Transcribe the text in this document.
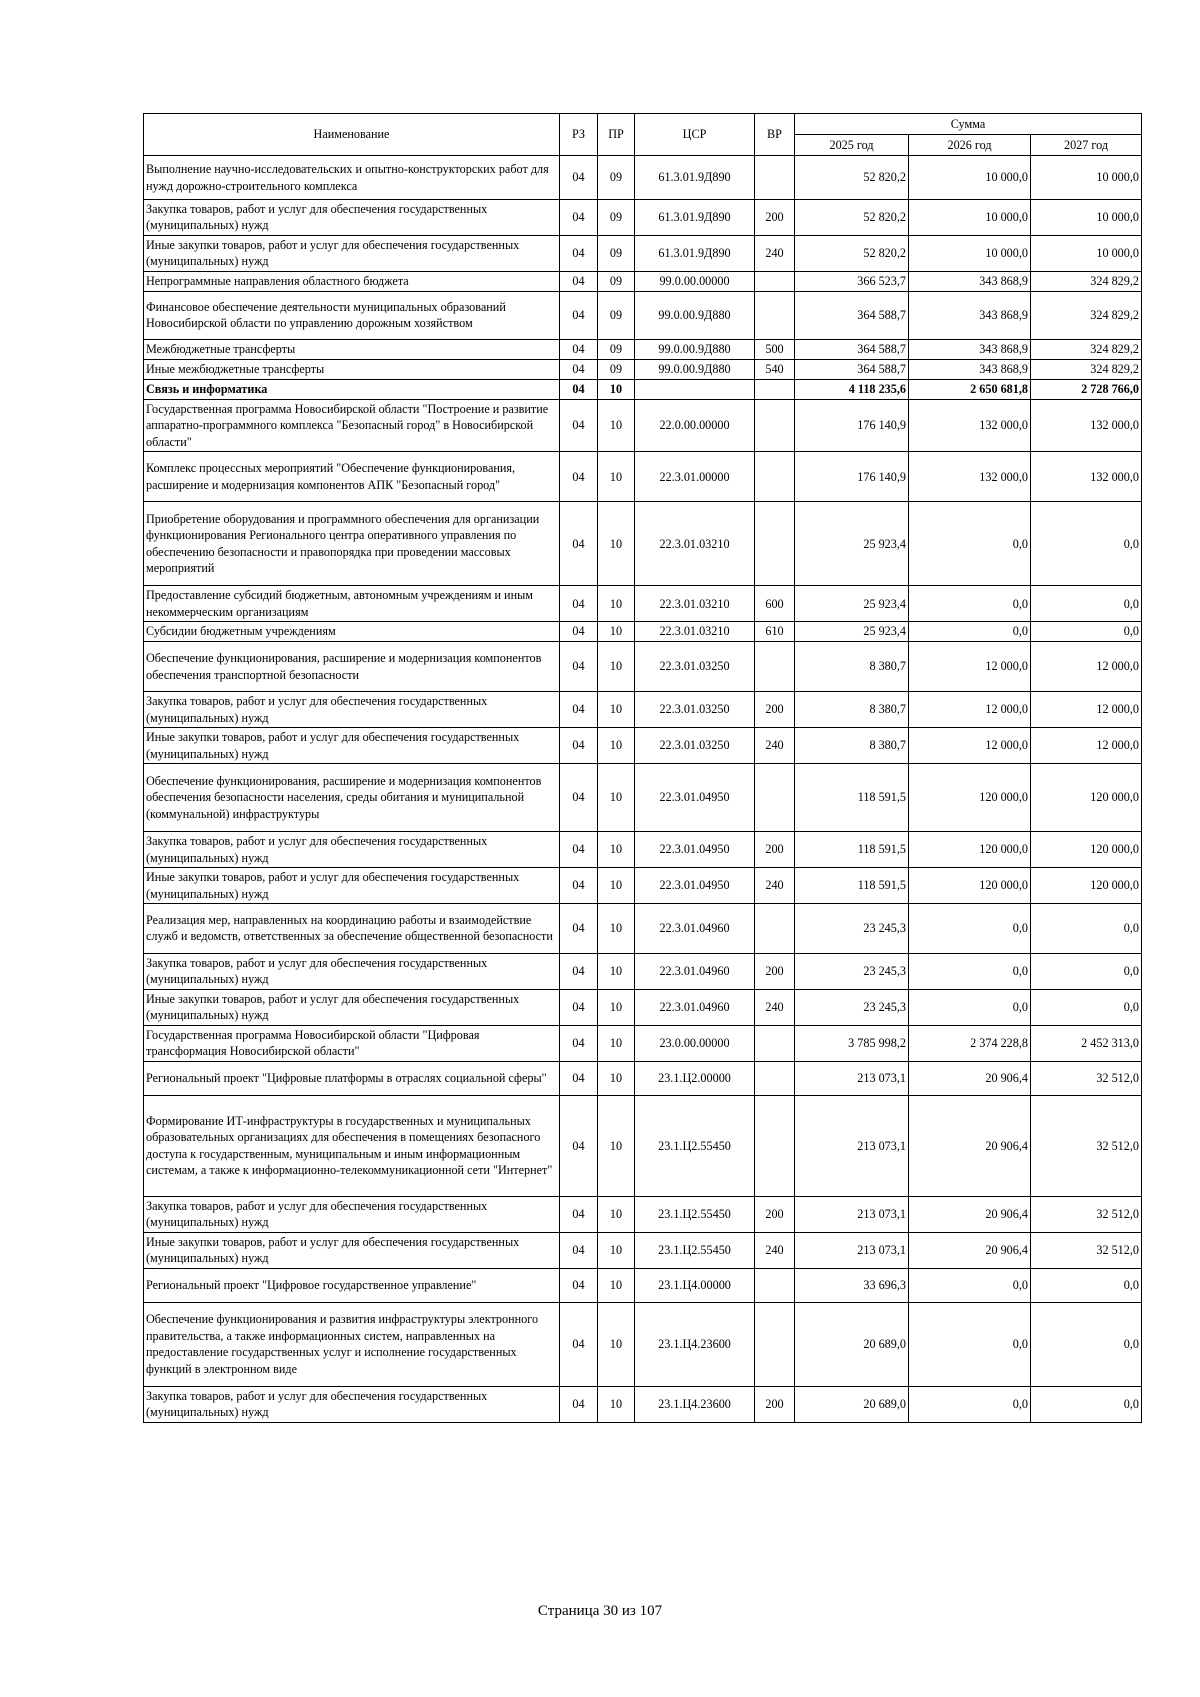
Наименование	РЗ	ПР	ЦСР	ВР	Сумма		
					2025 год	2026 год	2027 год
Выполнение научно-исследовательских и опытно-конструкторских работ для нужд дорожно-строительного комплекса	04	09	61.3.01.9Д890		52 820,2	10 000,0	10 000,0
Закупка товаров, работ и услуг для обеспечения государственных (муниципальных) нужд	04	09	61.3.01.9Д890	200	52 820,2	10 000,0	10 000,0
Иные закупки товаров, работ и услуг для обеспечения государственных (муниципальных) нужд	04	09	61.3.01.9Д890	240	52 820,2	10 000,0	10 000,0
Непрограммные направления областного бюджета	04	09	99.0.00.00000		366 523,7	343 868,9	324 829,2
Финансовое обеспечение деятельности муниципальных образований Новосибирской области по управлению дорожным хозяйством	04	09	99.0.00.9Д880		364 588,7	343 868,9	324 829,2
Межбюджетные трансферты	04	09	99.0.00.9Д880	500	364 588,7	343 868,9	324 829,2
Иные межбюджетные трансферты	04	09	99.0.00.9Д880	540	364 588,7	343 868,9	324 829,2
Связь и информатика	04	10			4 118 235,6	2 650 681,8	2 728 766,0
Государственная программа Новосибирской области "Построение и развитие аппаратно-программного комплекса "Безопасный город" в Новосибирской области"	04	10	22.0.00.00000		176 140,9	132 000,0	132 000,0
Комплекс процессных мероприятий "Обеспечение функционирования, расширение и модернизация компонентов АПК "Безопасный город"	04	10	22.3.01.00000		176 140,9	132 000,0	132 000,0
Приобретение оборудования и программного обеспечения для организации функционирования Регионального центра оперативного управления по обеспечению безопасности и правопорядка при проведении массовых мероприятий	04	10	22.3.01.03210		25 923,4	0,0	0,0
Предоставление субсидий бюджетным, автономным учреждениям и иным некоммерческим организациям	04	10	22.3.01.03210	600	25 923,4	0,0	0,0
Субсидии бюджетным учреждениям	04	10	22.3.01.03210	610	25 923,4	0,0	0,0
Обеспечение функционирования, расширение и модернизация компонентов обеспечения транспортной безопасности	04	10	22.3.01.03250		8 380,7	12 000,0	12 000,0
Закупка товаров, работ и услуг для обеспечения государственных (муниципальных) нужд	04	10	22.3.01.03250	200	8 380,7	12 000,0	12 000,0
Иные закупки товаров, работ и услуг для обеспечения государственных (муниципальных) нужд	04	10	22.3.01.03250	240	8 380,7	12 000,0	12 000,0
Обеспечение функционирования, расширение и модернизация компонентов обеспечения безопасности населения, среды обитания и муниципальной (коммунальной) инфраструктуры	04	10	22.3.01.04950		118 591,5	120 000,0	120 000,0
Закупка товаров, работ и услуг для обеспечения государственных (муниципальных) нужд	04	10	22.3.01.04950	200	118 591,5	120 000,0	120 000,0
Иные закупки товаров, работ и услуг для обеспечения государственных (муниципальных) нужд	04	10	22.3.01.04950	240	118 591,5	120 000,0	120 000,0
Реализация мер, направленных на координацию работы и взаимодействие служб и ведомств, ответственных за обеспечение общественной безопасности	04	10	22.3.01.04960		23 245,3	0,0	0,0
Закупка товаров, работ и услуг для обеспечения государственных (муниципальных) нужд	04	10	22.3.01.04960	200	23 245,3	0,0	0,0
Иные закупки товаров, работ и услуг для обеспечения государственных (муниципальных) нужд	04	10	22.3.01.04960	240	23 245,3	0,0	0,0
Государственная программа Новосибирской области "Цифровая трансформация Новосибирской области"	04	10	23.0.00.00000		3 785 998,2	2 374 228,8	2 452 313,0
Региональный проект "Цифровые платформы в отраслях социальной сферы"	04	10	23.1.Ц2.00000		213 073,1	20 906,4	32 512,0
Формирование ИТ-инфраструктуры в государственных и муниципальных образовательных организациях для обеспечения в помещениях безопасного доступа к государственным, муниципальным и иным информационным системам, а также к информационно-телекоммуникационной сети "Интернет"	04	10	23.1.Ц2.55450		213 073,1	20 906,4	32 512,0
Закупка товаров, работ и услуг для обеспечения государственных (муниципальных) нужд	04	10	23.1.Ц2.55450	200	213 073,1	20 906,4	32 512,0
Иные закупки товаров, работ и услуг для обеспечения государственных (муниципальных) нужд	04	10	23.1.Ц2.55450	240	213 073,1	20 906,4	32 512,0
Региональный проект "Цифровое государственное управление"	04	10	23.1.Ц4.00000		33 696,3	0,0	0,0
Обеспечение функционирования и развития инфраструктуры электронного правительства, а также информационных систем, направленных на предоставление государственных услуг и исполнение государственных функций в электронном виде	04	10	23.1.Ц4.23600		20 689,0	0,0	0,0
Закупка товаров, работ и услуг для обеспечения государственных (муниципальных) нужд	04	10	23.1.Ц4.23600	200	20 689,0	0,0	0,0
Страница 30 из 107
